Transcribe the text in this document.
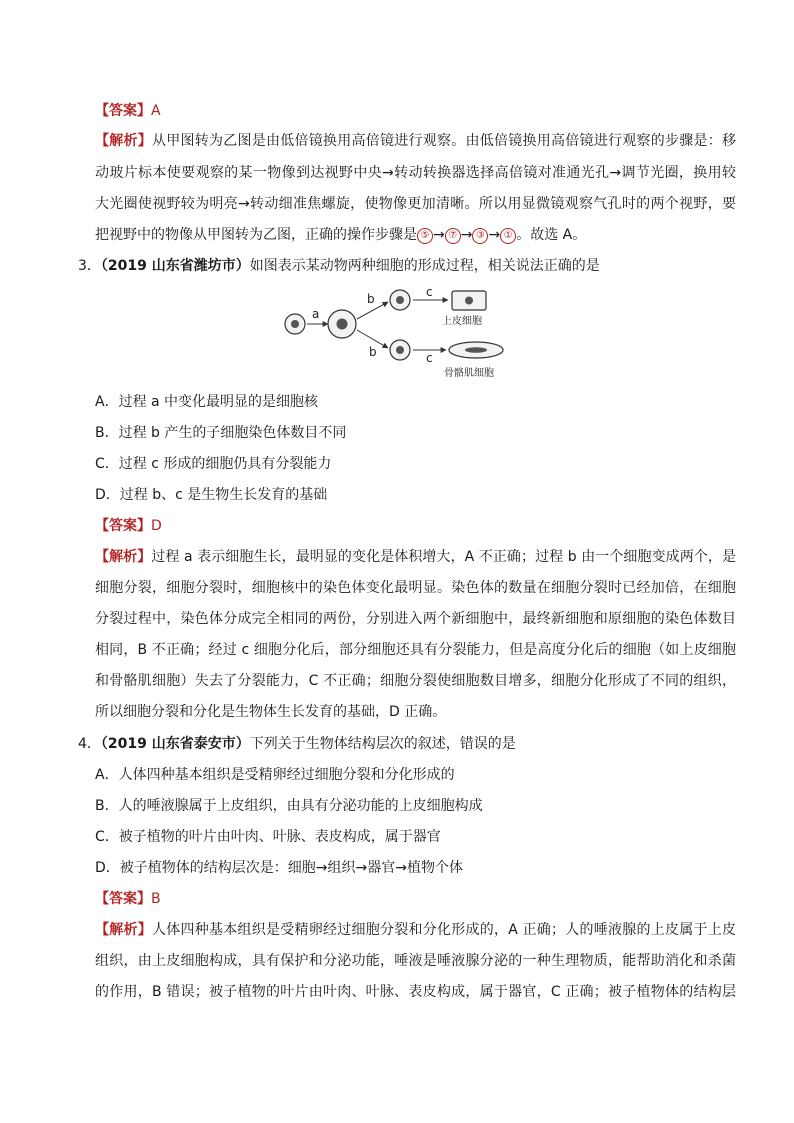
【答案】A
【解析】从甲图转为乙图是由低倍镜换用高倍镜进行观察。由低倍镜换用高倍镜进行观察的步骤是：移
动玻片标本使要观察的某一物像到达视野中央→转动转换器选择高倍镜对准通光孔→调节光圈，换用较
大光圈使视野较为明亮→转动细准焦螺旋，使物像更加清晰。所以用显微镜观察气孔时的两个视野，要
把视野中的物像从甲图转为乙图，正确的操作步骤是 ⑤ → ⑦ → ③ → ① 。故选 A。
3．（2019 山东省潍坊市）如图表示某动物两种细胞的形成过程，相关说法正确的是
a
b
b
c
c
上皮细胞
骨骼肌细胞
A．过程 a 中变化最明显的是细胞核
B．过程 b 产生的子细胞染色体数目不同
C．过程 c 形成的细胞仍具有分裂能力
D．过程 b、c 是生物生长发育的基础
【答案】D
【解析】过程 a 表示细胞生长，最明显的变化是体积增大，A 不正确；过程 b 由一个细胞变成两个，是
细胞分裂，细胞分裂时，细胞核中的染色体变化最明显。染色体的数量在细胞分裂时已经加倍，在细胞
分裂过程中，染色体分成完全相同的两份，分别进入两个新细胞中，最终新细胞和原细胞的染色体数目
相同，B 不正确；经过 c 细胞分化后，部分细胞还具有分裂能力，但是高度分化后的细胞（如上皮细胞
和骨骼肌细胞）失去了分裂能力，C 不正确；细胞分裂使细胞数目增多，细胞分化形成了不同的组织，
所以细胞分裂和分化是生物体生长发育的基础，D 正确。
4．（2019 山东省泰安市）下列关于生物体结构层次的叙述，错误的是
A．人体四种基本组织是受精卵经过细胞分裂和分化形成的
B．人的唾液腺属于上皮组织，由具有分泌功能的上皮细胞构成
C．被子植物的叶片由叶肉、叶脉、表皮构成，属于器官
D．被子植物体的结构层次是：细胞→组织→器官→植物个体
【答案】B
【解析】人体四种基本组织是受精卵经过细胞分裂和分化形成的，A 正确；人的唾液腺的上皮属于上皮
组织，由上皮细胞构成，具有保护和分泌功能，唾液是唾液腺分泌的一种生理物质，能帮助消化和杀菌
的作用，B 错误；被子植物的叶片由叶肉、叶脉、表皮构成，属于器官，C 正确；被子植物体的结构层
